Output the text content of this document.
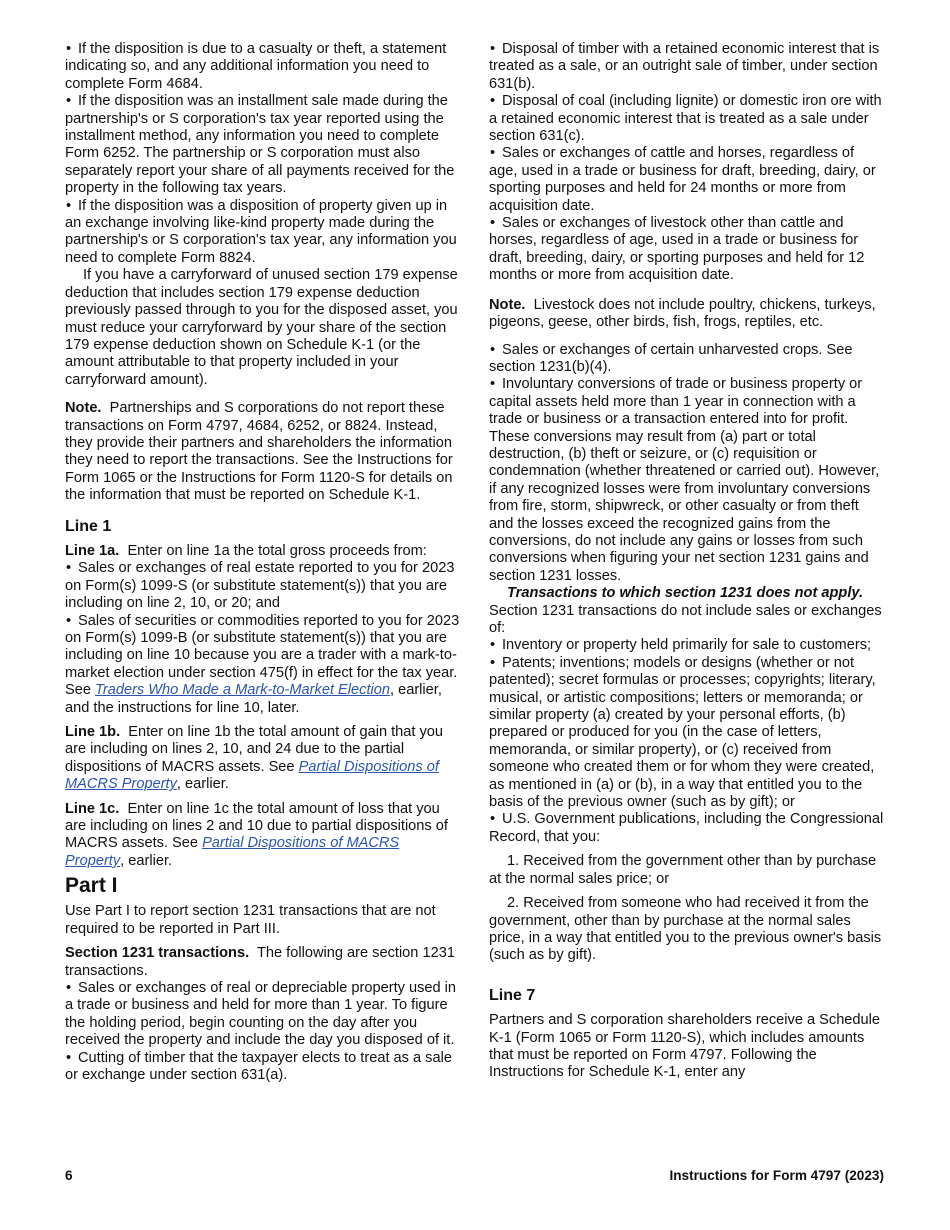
• If the disposition is due to a casualty or theft, a statement indicating so, and any additional information you need to complete Form 4684.

• If the disposition was an installment sale made during the partnership's or S corporation's tax year reported using the installment method, any information you need to complete Form 6252. The partnership or S corporation must also separately report your share of all payments received for the property in the following tax years.

• If the disposition was a disposition of property given up in an exchange involving like-kind property made during the partnership's or S corporation's tax year, any information you need to complete Form 8824.

If you have a carryforward of unused section 179 expense deduction that includes section 179 expense deduction previously passed through to you for the disposed asset, you must reduce your carryforward by your share of the section 179 expense deduction shown on Schedule K-1 (or the amount attributable to that property included in your carryforward amount).

Note. Partnerships and S corporations do not report these transactions on Form 4797, 4684, 6252, or 8824. Instead, they provide their partners and shareholders the information they need to report the transactions. See the Instructions for Form 1065 or the Instructions for Form 1120-S for details on the information that must be reported on Schedule K-1.

Line 1

Line 1a. Enter on line 1a the total gross proceeds from:

• Sales or exchanges of real estate reported to you for 2023 on Form(s) 1099-S (or substitute statement(s)) that you are including on line 2, 10, or 20; and

• Sales of securities or commodities reported to you for 2023 on Form(s) 1099-B (or substitute statement(s)) that you are including on line 10 because you are a trader with a mark-to-market election under section 475(f) in effect for the tax year. See Traders Who Made a Mark-to-Market Election, earlier, and the instructions for line 10, later.

Line 1b. Enter on line 1b the total amount of gain that you are including on lines 2, 10, and 24 due to the partial dispositions of MACRS assets. See Partial Dispositions of MACRS Property, earlier.

Line 1c. Enter on line 1c the total amount of loss that you are including on lines 2 and 10 due to partial dispositions of MACRS assets. See Partial Dispositions of MACRS Property, earlier.

Part I

Use Part I to report section 1231 transactions that are not required to be reported in Part III.

Section 1231 transactions. The following are section 1231 transactions.

• Sales or exchanges of real or depreciable property used in a trade or business and held for more than 1 year. To figure the holding period, begin counting on the day after you received the property and include the day you disposed of it.

• Cutting of timber that the taxpayer elects to treat as a sale or exchange under section 631(a).

• Disposal of timber with a retained economic interest that is treated as a sale, or an outright sale of timber, under section 631(b).

• Disposal of coal (including lignite) or domestic iron ore with a retained economic interest that is treated as a sale under section 631(c).

• Sales or exchanges of cattle and horses, regardless of age, used in a trade or business for draft, breeding, dairy, or sporting purposes and held for 24 months or more from acquisition date.

• Sales or exchanges of livestock other than cattle and horses, regardless of age, used in a trade or business for draft, breeding, dairy, or sporting purposes and held for 12 months or more from acquisition date.

Note. Livestock does not include poultry, chickens, turkeys, pigeons, geese, other birds, fish, frogs, reptiles, etc.

• Sales or exchanges of certain unharvested crops. See section 1231(b)(4).

• Involuntary conversions of trade or business property or capital assets held more than 1 year in connection with a trade or business or a transaction entered into for profit. These conversions may result from (a) part or total destruction, (b) theft or seizure, or (c) requisition or condemnation (whether threatened or carried out). However, if any recognized losses were from involuntary conversions from fire, storm, shipwreck, or other casualty or from theft and the losses exceed the recognized gains from the conversions, do not include any gains or losses from such conversions when figuring your net section 1231 gains and section 1231 losses.

Transactions to which section 1231 does not apply. Section 1231 transactions do not include sales or exchanges of:

• Inventory or property held primarily for sale to customers;

• Patents; inventions; models or designs (whether or not patented); secret formulas or processes; copyrights; literary, musical, or artistic compositions; letters or memoranda; or similar property (a) created by your personal efforts, (b) prepared or produced for you (in the case of letters, memoranda, or similar property), or (c) received from someone who created them or for whom they were created, as mentioned in (a) or (b), in a way that entitled you to the basis of the previous owner (such as by gift); or

• U.S. Government publications, including the Congressional Record, that you:

1. Received from the government other than by purchase at the normal sales price; or

2. Received from someone who had received it from the government, other than by purchase at the normal sales price, in a way that entitled you to the previous owner's basis (such as by gift).

Line 7

Partners and S corporation shareholders receive a Schedule K-1 (Form 1065 or Form 1120-S), which includes amounts that must be reported on Form 4797. Following the Instructions for Schedule K-1, enter any

6	Instructions for Form 4797 (2023)
